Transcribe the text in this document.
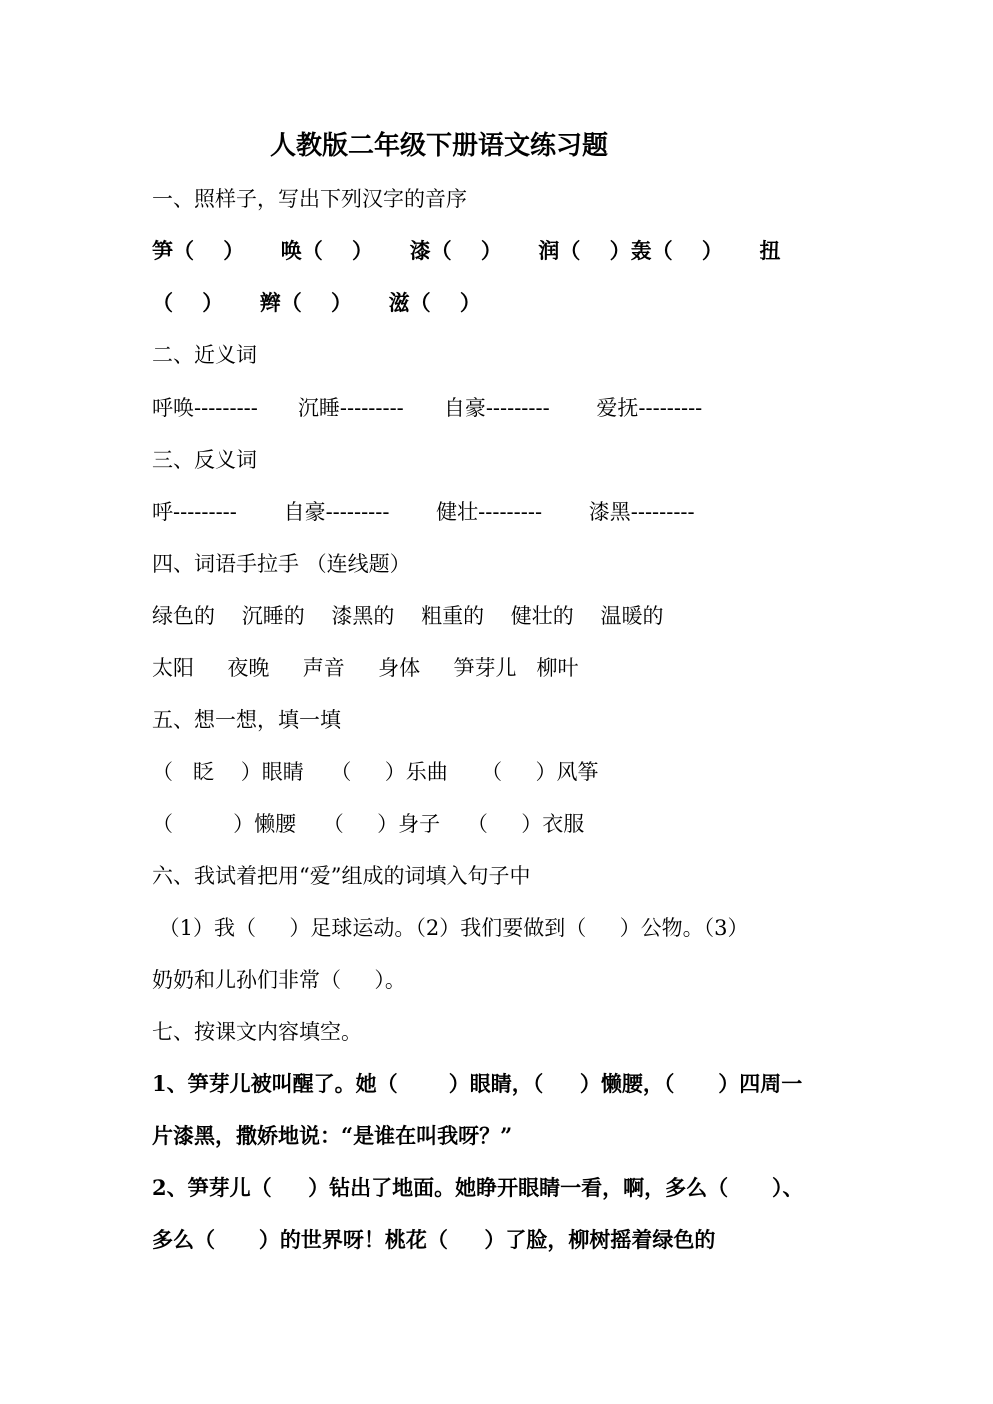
人教版二年级下册语文练习题
一、照样子，写出下列汉字的音序
笋（    ）     唤（    ）     漆（    ）     润（    ）轰（    ）     扭
（    ）     辫（    ）     滋（    ）
二、近义词
呼唤---------      沉睡---------      自豪---------       爱抚---------
三、反义词
呼---------       自豪---------       健壮---------       漆黑---------
四、词语手拉手 （连线题）
绿色的    沉睡的    漆黑的    粗重的    健壮的    温暖的
太阳     夜晚     声音     身体     笋芽儿   柳叶
五、想一想，填一填
（   眨    ）眼睛    （     ）乐曲     （     ）风筝
（         ）懒腰    （     ）身子    （     ）衣服
六、我试着把用“爱”组成的词填入句子中
（1）我（     ）足球运动。（2）我们要做到（     ）公物。（3）
奶奶和儿孙们非常（     ）。
七、按课文内容填空。
1、笋芽儿被叫醒了。她（       ）眼睛，（     ）懒腰，（      ）四周一
片漆黑，撒娇地说：“是谁在叫我呀？”
2、笋芽儿（     ）钻出了地面。她睁开眼睛一看，啊，多么（      ）、
多么（      ）的世界呀！桃花（     ）了脸，柳树摇着绿色的
